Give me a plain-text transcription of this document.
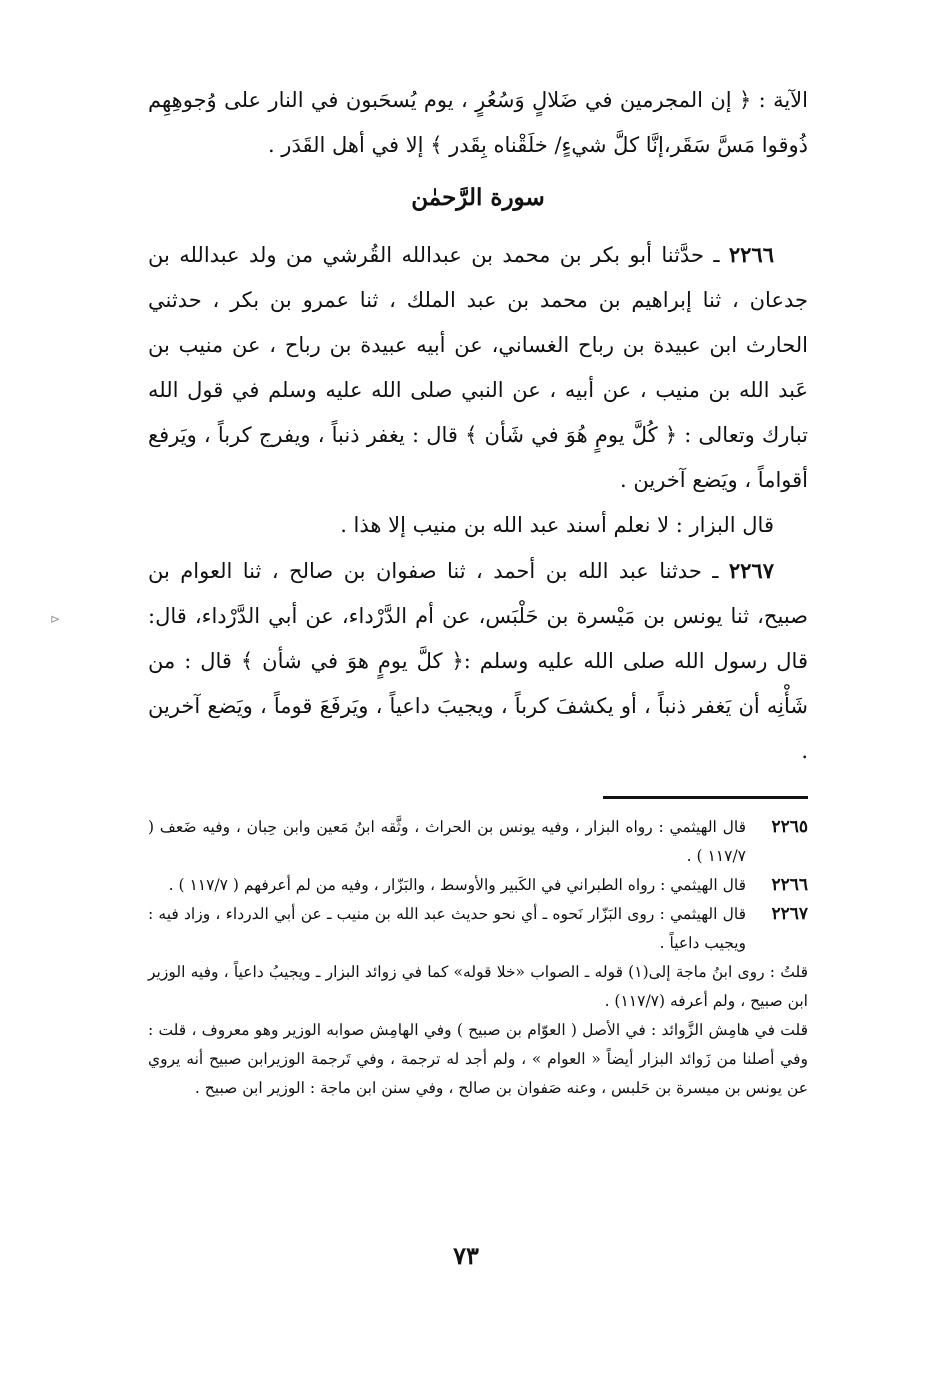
الآية : ﴿ إن المجرمين في ضَلالٍ وَسُعُرٍ ، يوم يُسحَبون في النار على وُجوهِهِم ذُوقوا مَسَّ سَقَر،إنَّا كلَّ شيءٍ/ خلَقْناه بِقَدر ﴾ إلا في أهل القَدَر .

سورة الرَّحمٰن

٢٢٦٦ ـ حدَّثنا أبو بكر بن محمد بن عبدالله القُرشي من ولد عبدالله بن جدعان ، ثنا إبراهيم بن محمد بن عبد الملك ، ثنا عمرو بن بكر ، حدثني الحارث ابن عبيدة بن رباح الغساني، عن أبيه عبيدة بن رباح ، عن منيب بن عَبد الله بن منيب ، عن أبيه ، عن النبي صلى الله عليه وسلم في قول الله تبارك وتعالى : ﴿ كُلَّ يومٍ هُوَ في شَأن ﴾ قال : يغفر ذنباً ، ويفرج كرباً ، ويَرفع أقواماً ، ويَضع آخرين .

قال البزار : لا نعلم أسند عبد الله بن منيب إلا هذا .

٢٢٦٧ ـ حدثنا عبد الله بن أحمد ، ثنا صفوان بن صالح ، ثنا العوام بن صبيح، ثنا يونس بن مَيْسرة بن حَلْبَس، عن أم الدَّرْداء، عن أبي الدَّرْداء، قال: قال رسول الله صلى الله عليه وسلم :﴿ كلَّ يومٍ هوَ في شأن ﴾ قال : من شَأْنِه أن يَغفر ذنباً ، أو يكشفَ كرباً ، ويجيبَ داعياً ، ويَرفَعَ قوماً ، ويَضع آخرين .

٢٢٦٥
قال الهيثمي : رواه البزار ، وفيه يونس بن الحراث ، وثَّقه ابنُ مَعين وابن حِبان ، وفيه ضَعف ( ١١٧/٧ ) .
٢٢٦٦
قال الهيثمي : رواه الطبراني في الكَبير والأوسط ، والبَزّار ، وفيه من لم أعرفهم ( ١١٧/٧ ) .
٢٢٦٧
قال الهيثمي : روى البَزّار نَحوه ـ أي نحو حديث عبد الله بن منيب ـ عن أبي الدرداء ، وزاد فيه : ويجيب داعياً .

قلتُ : روى ابنُ ماجة إلى(١) قوله ـ الصواب «خلا قوله» كما في زوائد البزار ـ ويجيبُ داعياً ، وفيه الوزير ابن صبيح ، ولم أعرفه (١١٧/٧) .

قلت في هامِش الزَّوائد : في الأصل ( العوّام بن صبيح ) وفي الهامِش صوابه الوزير وهو معروف ، قلت : وفي أصلنا من زَوائد البزار أيضاً « العوام » ، ولم أجد له ترجمة ، وفي تَرجمة الوزيرابن صبيح أنه يروي عن يونس بن ميسرة بن حَلبس ، وعنه صَفوان بن صالح ، وفي سنن ابن ماجة : الوزير ابن صبيح .

⊳
٧٣
